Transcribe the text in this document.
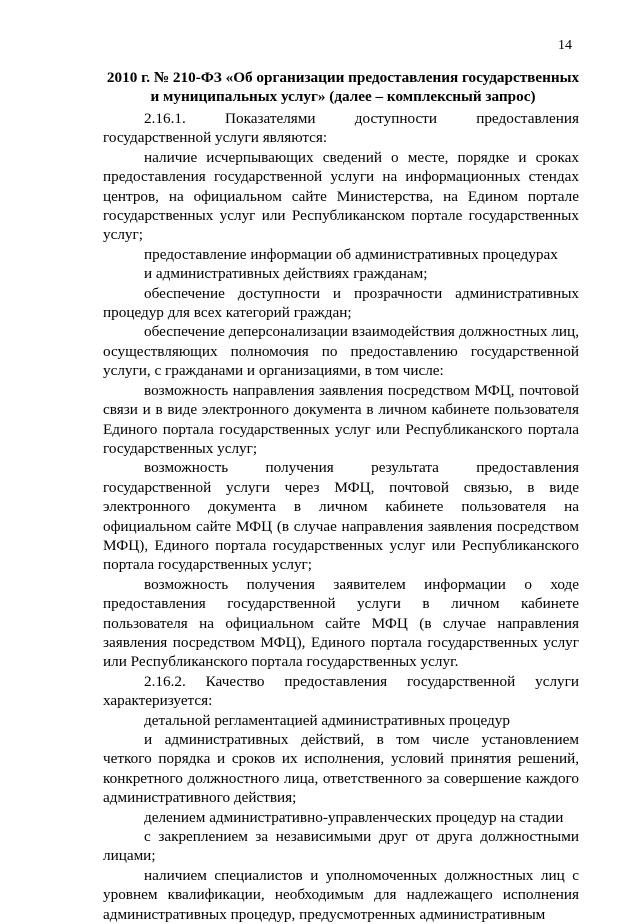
14
2010 г. № 210-ФЗ «Об организации предоставления государственных и муниципальных услуг» (далее – комплексный запрос)

2.16.1. Показателями доступности предоставления государственной услуги являются:

наличие исчерпывающих сведений о месте, порядке и сроках предоставления государственной услуги на информационных стендах центров, на официальном сайте Министерства, на Едином портале государственных услуг или Республиканском портале государственных услуг;

предоставление информации об административных процедурах

и административных действиях гражданам;

обеспечение доступности и прозрачности административных процедур для всех категорий граждан;

обеспечение деперсонализации взаимодействия должностных лиц, осуществляющих полномочия по предоставлению государственной услуги, с гражданами и организациями, в том числе:

возможность направления заявления посредством МФЦ, почтовой связи и в виде электронного документа в личном кабинете пользователя Единого портала государственных услуг или Республиканского портала государственных услуг;

возможность получения результата предоставления государственной услуги через МФЦ, почтовой связью, в виде электронного документа в личном кабинете пользователя на официальном сайте МФЦ (в случае направления заявления посредством МФЦ), Единого портала государственных услуг или Республиканского портала государственных услуг;

возможность получения заявителем информации о ходе предоставления государственной услуги в личном кабинете пользователя на официальном сайте МФЦ (в случае направления заявления посредством МФЦ), Единого портала государственных услуг или Республиканского портала государственных услуг.

2.16.2. Качество предоставления государственной услуги характеризуется:

детальной регламентацией административных процедур

и административных действий, в том числе установлением четкого порядка и сроков их исполнения, условий принятия решений, конкретного должностного лица, ответственного за совершение каждого административного действия;

делением административно-управленческих процедур на стадии

с закреплением за независимыми друг от друга должностными лицами;

наличием специалистов и уполномоченных должностных лиц с уровнем квалификации, необходимым для надлежащего исполнения административных процедур, предусмотренных административным
